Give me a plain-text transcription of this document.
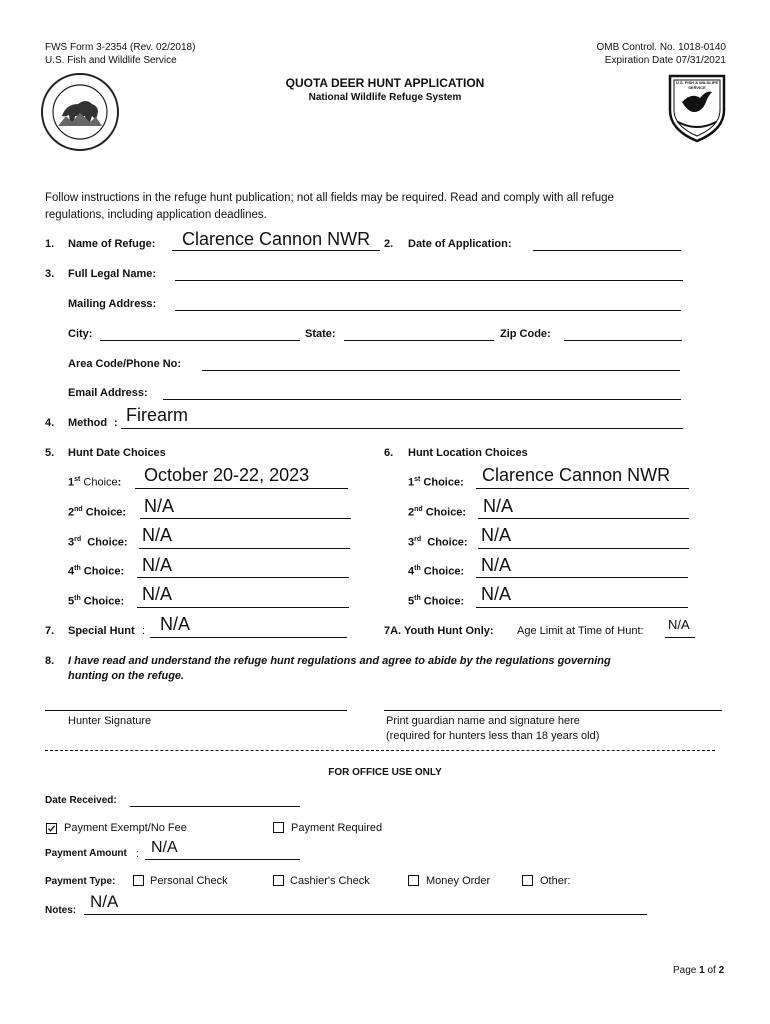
FWS Form 3-2354 (Rev. 02/2018)
U.S. Fish and Wildlife Service
OMB Control. No. 1018-0140
Expiration Date 07/31/2021
U.S. FISH & WILDLIFE SERVICE
QUOTA DEER HUNT APPLICATION
National Wildlife Refuge System
Follow instructions in the refuge hunt publication; not all fields may be required. Read and comply with all refuge
regulations, including application deadlines.
1. Name of Refuge: Clarence Cannon NWR 2. Date of Application:
3. Full Legal Name:
Mailing Address:
City:	State:	Zip Code:
Area Code/Phone No:
Email Address:
4. Method : Firearm
5. Hunt Date Choices
1st Choice: October 20-22, 2023
2nd Choice: N/A
3rd Choice: N/A
4th Choice: N/A
5th Choice: N/A
6. Hunt Location Choices
1st Choice: Clarence Cannon NWR
2nd Choice: N/A
3rd Choice: N/A
4th Choice: N/A
5th Choice: N/A
7. Special Hunt : N/A	7A. Youth Hunt Only: Age Limit at Time of Hunt: N/A
8. I have read and understand the refuge hunt regulations and agree to abide by the regulations governing
hunting on the refuge.
Hunter Signature	Print guardian name and signature here
(required for hunters less than 18 years old)
FOR OFFICE USE ONLY
Date Received:
Payment Exempt/No Fee	Payment Required
Payment Amount : N/A
Payment Type:	Personal Check	Cashier's Check	Money Order	Other:
Notes: N/A
Page 1 of 2
